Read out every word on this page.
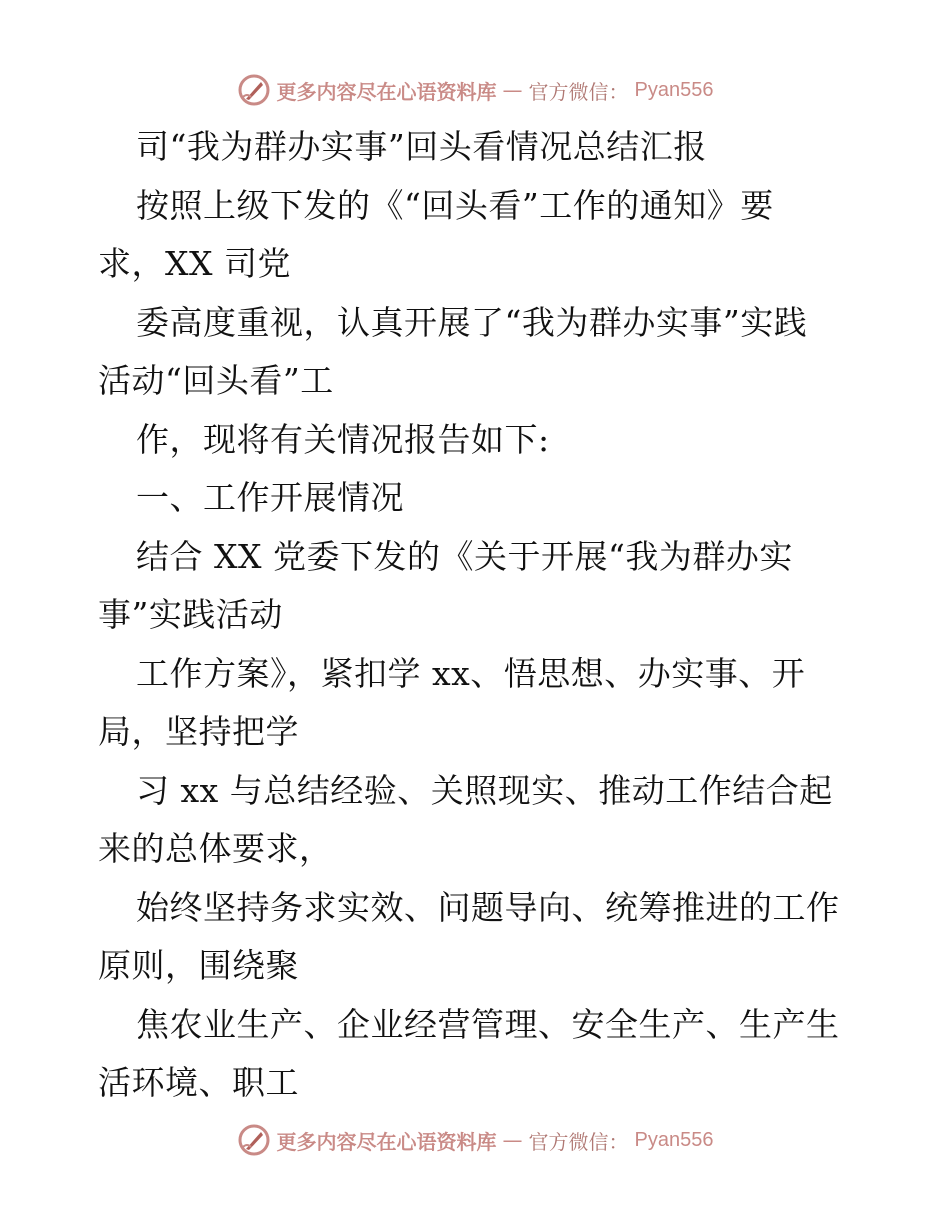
更多内容尽在心语资料库 — 官方微信： Pyan556
司“我为群办实事”回头看情况总结汇报
按照上级下发的《“回头看”工作的通知》要
求，XX 司党
委高度重视，认真开展了“我为群办实事”实践
活动“回头看”工
作，现将有关情况报告如下:
一、工作开展情况
结合 XX 党委下发的《关于开展“我为群办实
事”实践活动
工作方案》，紧扣学 xx、悟思想、办实事、开
局，坚持把学
习 xx 与总结经验、关照现实、推动工作结合起
来的总体要求，
始终坚持务求实效、问题导向、统筹推进的工作
原则，围绕聚
焦农业生产、企业经营管理、安全生产、生产生
活环境、职工
更多内容尽在心语资料库 — 官方微信： Pyan556
